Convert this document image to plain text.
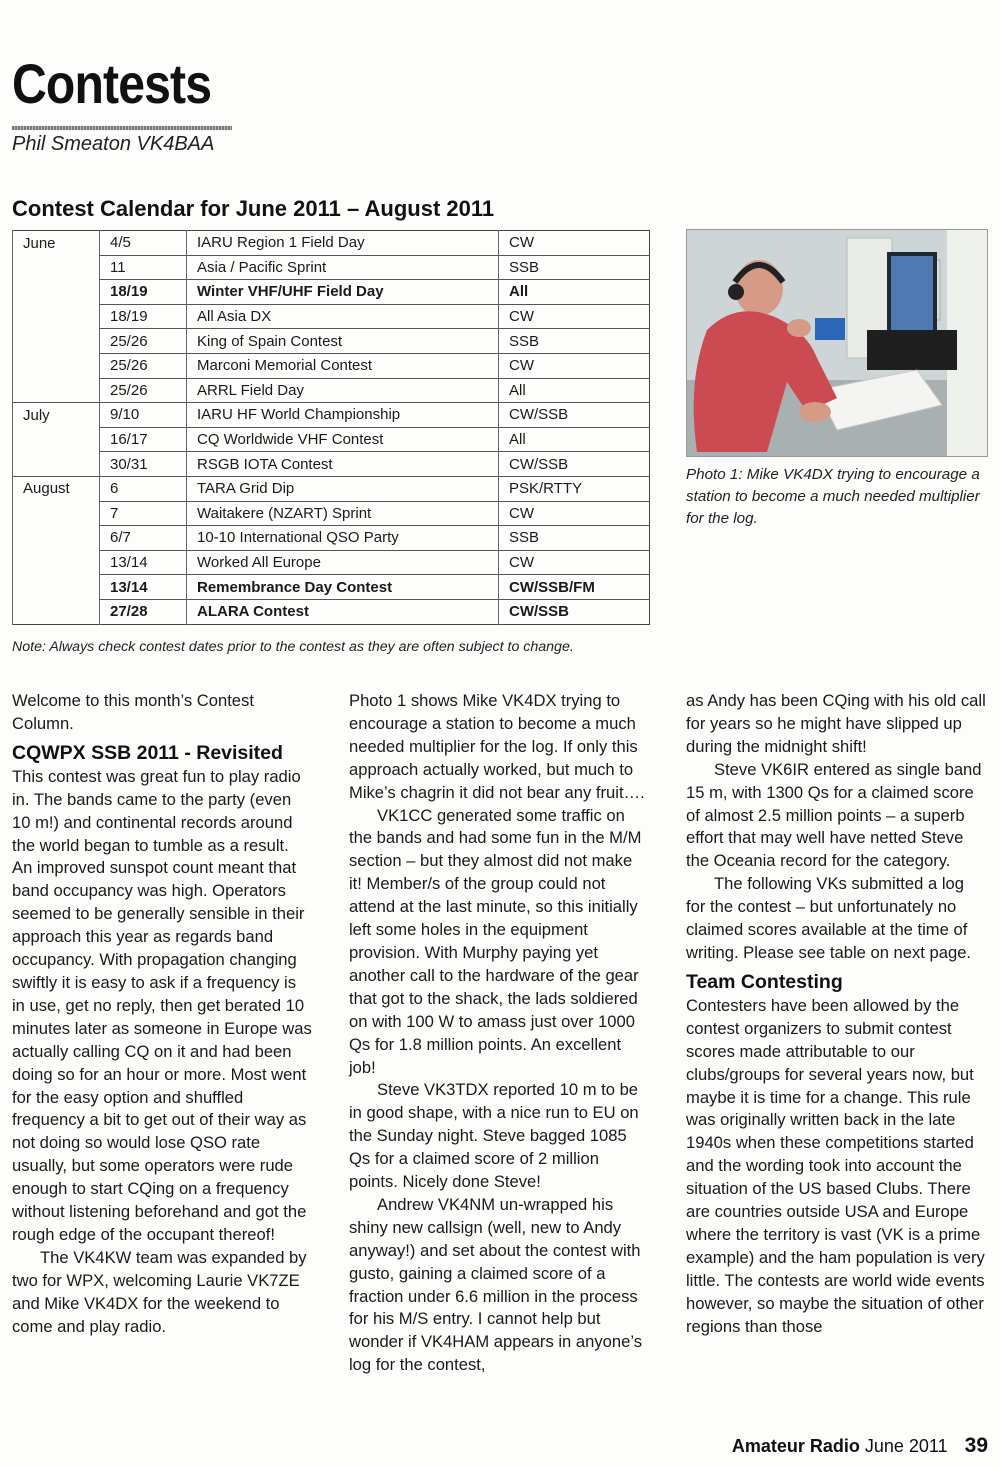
Contests
Phil Smeaton VK4BAA
Contest Calendar for June 2011 – August 2011
June	4/5	IARU Region 1 Field Day	CW
	11	Asia / Pacific Sprint	SSB
	18/19	Winter VHF/UHF Field Day	All
	18/19	All Asia DX	CW
	25/26	King of Spain Contest	SSB
	25/26	Marconi Memorial Contest	CW
	25/26	ARRL Field Day	All
July	9/10	IARU HF World Championship	CW/SSB
	16/17	CQ Worldwide VHF Contest	All
	30/31	RSGB IOTA Contest	CW/SSB
August	6	TARA Grid Dip	PSK/RTTY
	7	Waitakere (NZART) Sprint	CW
	6/7	10-10 International QSO Party	SSB
	13/14	Worked All Europe	CW
	13/14	Remembrance Day Contest	CW/SSB/FM
	27/28	ALARA Contest	CW/SSB
Note: Always check contest dates prior to the contest as they are often subject to change.
Photo 1: Mike VK4DX trying to encourage a station to become a much needed multiplier for the log.

Welcome to this month’s Contest Column.

CQWPX SSB 2011 - Revisited

This contest was great fun to play radio in. The bands came to the party (even 10 m!) and continental records around the world began to tumble as a result.

An improved sunspot count meant that band occupancy was high. Operators seemed to be generally sensible in their approach this year as regards band occupancy. With propagation changing swiftly it is easy to ask if a frequency is in use, get no reply, then get berated 10 minutes later as someone in Europe was actually calling CQ on it and had been doing so for an hour or more. Most went for the easy option and shuffled frequency a bit to get out of their way as not doing so would lose QSO rate usually, but some operators were rude enough to start CQing on a frequency without listening beforehand and got the rough edge of the occupant thereof!

The VK4KW team was expanded by two for WPX, welcoming Laurie VK7ZE and Mike VK4DX for the weekend to come and play radio.

Photo 1 shows Mike VK4DX trying to encourage a station to become a much needed multiplier for the log. If only this approach actually worked, but much to Mike’s chagrin it did not bear any fruit….

VK1CC generated some traffic on the bands and had some fun in the M/M section – but they almost did not make it! Member/s of the group could not attend at the last minute, so this initially left some holes in the equipment provision. With Murphy paying yet another call to the hardware of the gear that got to the shack, the lads soldiered on with 100 W to amass just over 1000 Qs for 1.8 million points. An excellent job!

Steve VK3TDX reported 10 m to be in good shape, with a nice run to EU on the Sunday night. Steve bagged 1085 Qs for a claimed score of 2 million points. Nicely done Steve!

Andrew VK4NM un-wrapped his shiny new callsign (well, new to Andy anyway!) and set about the contest with gusto, gaining a claimed score of a fraction under 6.6 million in the process for his M/S entry. I cannot help but wonder if VK4HAM appears in anyone’s log for the contest,

as Andy has been CQing with his old call for years so he might have slipped up during the midnight shift!

Steve VK6IR entered as single band 15 m, with 1300 Qs for a claimed score of almost 2.5 million points – a superb effort that may well have netted Steve the Oceania record for the category.

The following VKs submitted a log for the contest – but unfortunately no claimed scores available at the time of writing. Please see table on next page.

Team Contesting

Contesters have been allowed by the contest organizers to submit contest scores made attributable to our clubs/groups for several years now, but maybe it is time for a change. This rule was originally written back in the late 1940s when these competitions started and the wording took into account the situation of the US based Clubs. There are countries outside USA and Europe where the territory is vast (VK is a prime example) and the ham population is very little. The contests are world wide events however, so maybe the situation of other regions than those

Amateur Radio June 2011 39
